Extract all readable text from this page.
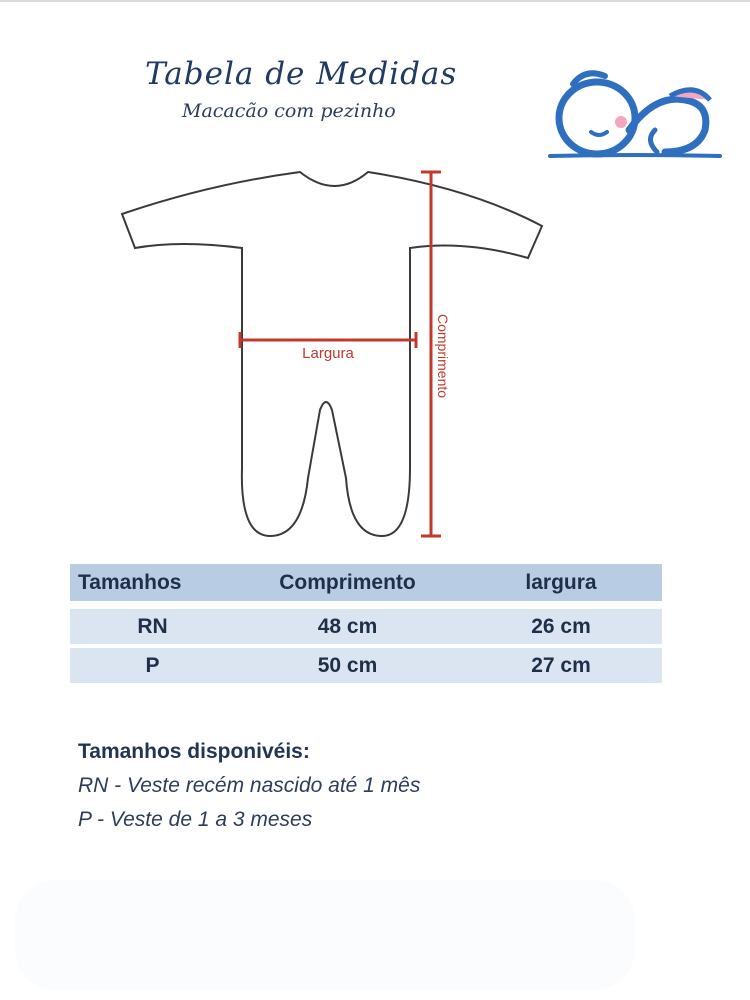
Tabela de Medidas
Macacão com pezinho
Largura	Comprimento
Tamanhos	Comprimento	largura
RN	48 cm	26 cm
P	50 cm	27 cm
Tamanhos disponivéis:
RN - Veste recém nascido até 1 mês
P - Veste de 1 a 3 meses
